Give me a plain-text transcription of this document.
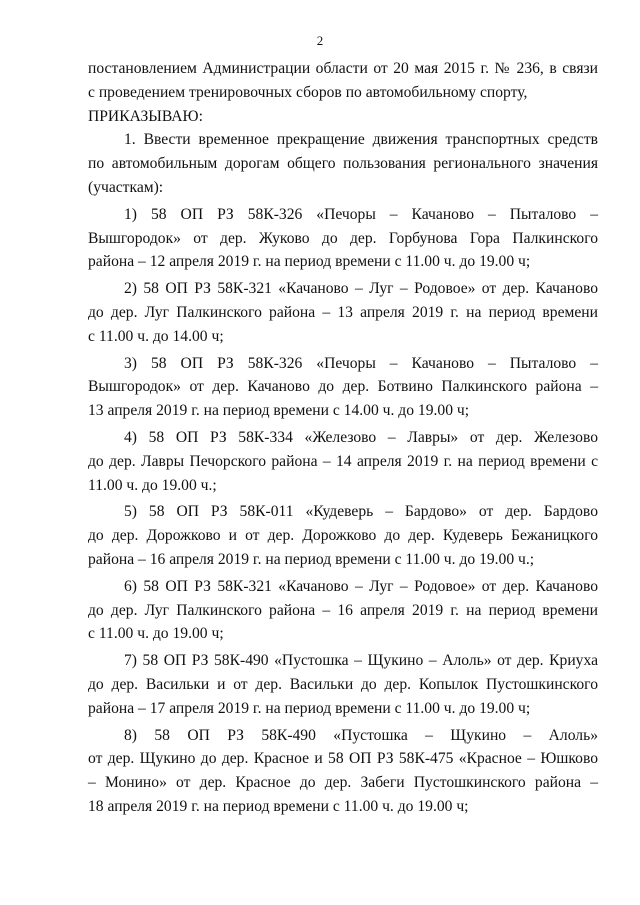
2
постановлением Администрации области от 20 мая 2015 г. № 236, в связи
с проведением тренировочных сборов по автомобильному спорту,
ПРИКАЗЫВАЮ:
1. Ввести временное прекращение движения транспортных средств
по автомобильным дорогам общего пользования регионального значения
(участкам):
1) 58 ОП РЗ 58К-326 «Печоры – Качаново – Пыталово –
Вышгородок» от дер. Жуково до дер. Горбунова Гора Палкинского
района – 12 апреля 2019 г. на период времени с 11.00 ч. до 19.00 ч;
2) 58 ОП РЗ 58К-321 «Качаново – Луг – Родовое» от дер. Качаново
до дер. Луг Палкинского района – 13 апреля 2019 г. на период времени
с 11.00 ч. до 14.00 ч;
3) 58 ОП РЗ 58К-326 «Печоры – Качаново – Пыталово –
Вышгородок» от дер. Качаново до дер. Ботвино Палкинского района –
13 апреля 2019 г. на период времени с 14.00 ч. до 19.00 ч;
4) 58 ОП РЗ 58К-334 «Железово – Лавры» от дер. Железово
до дер. Лавры Печорского района – 14 апреля 2019 г. на период времени с
11.00 ч. до 19.00 ч.;
5) 58 ОП РЗ 58К-011 «Кудеверь – Бардово» от дер. Бардово
до дер. Дорожково и от дер. Дорожково до дер. Кудеверь Бежаницкого
района – 16 апреля 2019 г. на период времени с 11.00 ч. до 19.00 ч.;
6) 58 ОП РЗ 58К-321 «Качаново – Луг – Родовое» от дер. Качаново
до дер. Луг Палкинского района – 16 апреля 2019 г. на период времени
с 11.00 ч. до 19.00 ч;
7) 58 ОП РЗ 58К-490 «Пустошка – Щукино – Алоль» от дер. Криуха
до дер. Васильки и от дер. Васильки до дер. Копылок Пустошкинского
района – 17 апреля 2019 г. на период времени с 11.00 ч. до 19.00 ч;
8) 58 ОП РЗ 58К-490 «Пустошка – Щукино – Алоль»
от дер. Щукино до дер. Красное и 58 ОП РЗ 58К-475 «Красное – Юшково
– Монино» от дер. Красное до дер. Забеги Пустошкинского района –
18 апреля 2019 г. на период времени с 11.00 ч. до 19.00 ч;
